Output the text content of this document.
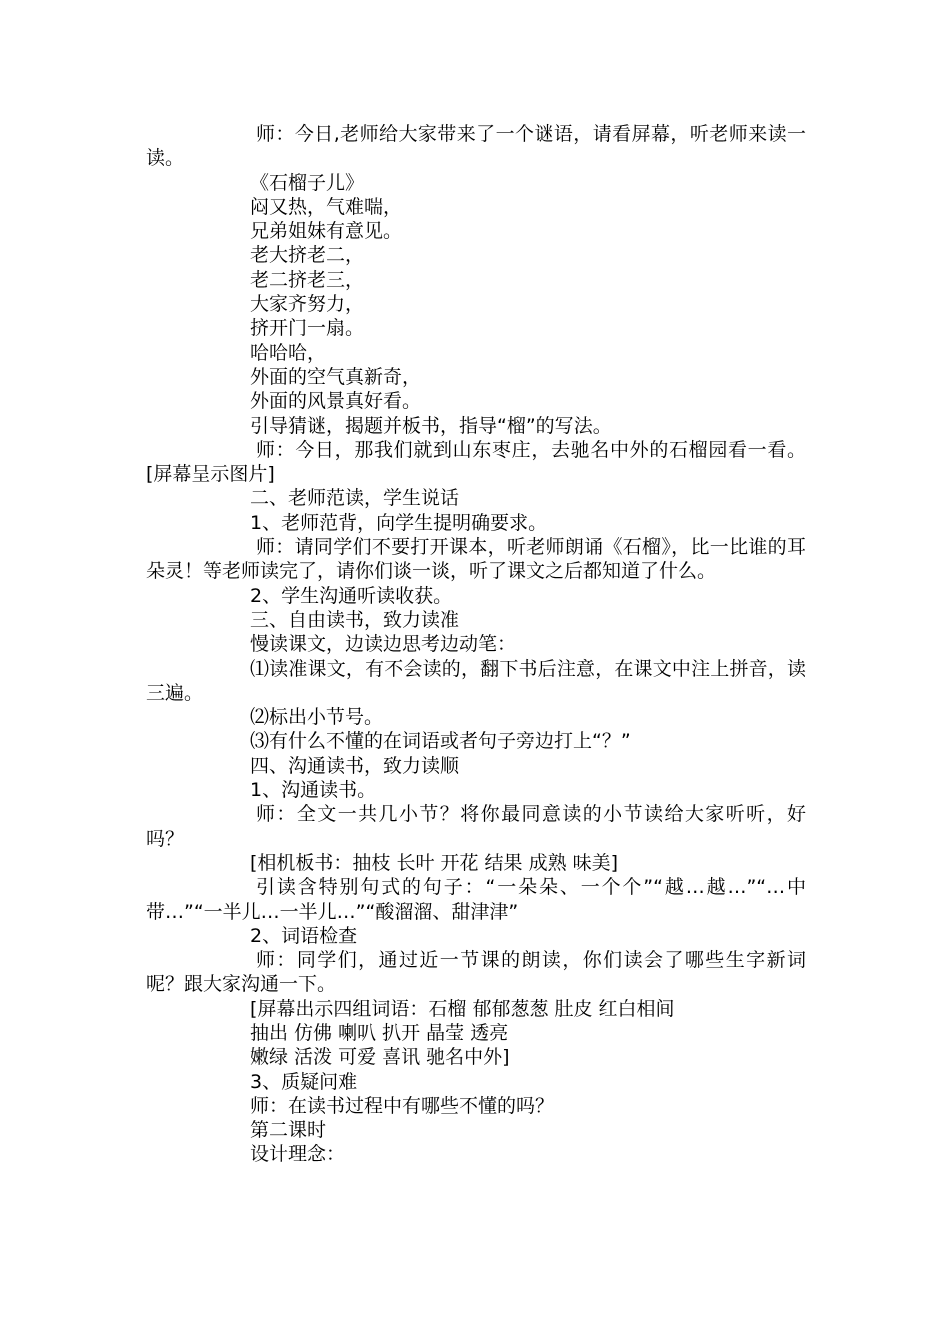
师：今日,老师给大家带来了一个谜语，请看屏幕，听老师来读一读。

《石榴子儿》

闷又热，气难喘，

兄弟姐妹有意见。

老大挤老二，

老二挤老三，

大家齐努力，

挤开门一扇。

哈哈哈，

外面的空气真新奇，

外面的风景真好看。

引导猜谜，揭题并板书，指导“榴”的写法。

师：今日，那我们就到山东枣庄，去驰名中外的石榴园看一看。[屏幕呈示图片]

二、老师范读，学生说话

1、老师范背，向学生提明确要求。

师：请同学们不要打开课本，听老师朗诵《石榴》，比一比谁的耳朵灵！等老师读完了，请你们谈一谈，听了课文之后都知道了什么。

2、学生沟通听读收获。

三、自由读书，致力读准

慢读课文，边读边思考边动笔：

⑴读准课文，有不会读的，翻下书后注意，在课文中注上拼音，读三遍。

⑵标出小节号。

⑶有什么不懂的在词语或者句子旁边打上“？”

四、沟通读书，致力读顺

1、沟通读书。

师：全文一共几小节？将你最同意读的小节读给大家听听，好吗？

[相机板书：抽枝 长叶 开花 结果 成熟 味美]

引读含特别句式的句子：“一朵朵、一个个”“越…越…”“…中带…”“一半儿…一半儿…”“酸溜溜、甜津津”

2、词语检查

师：同学们，通过近一节课的朗读，你们读会了哪些生字新词呢？跟大家沟通一下。

[屏幕出示四组词语：石榴 郁郁葱葱 肚皮 红白相间

抽出 仿佛 喇叭 扒开 晶莹 透亮

嫩绿 活泼 可爱 喜讯 驰名中外]

3、质疑问难

师：在读书过程中有哪些不懂的吗？

第二课时

设计理念：
